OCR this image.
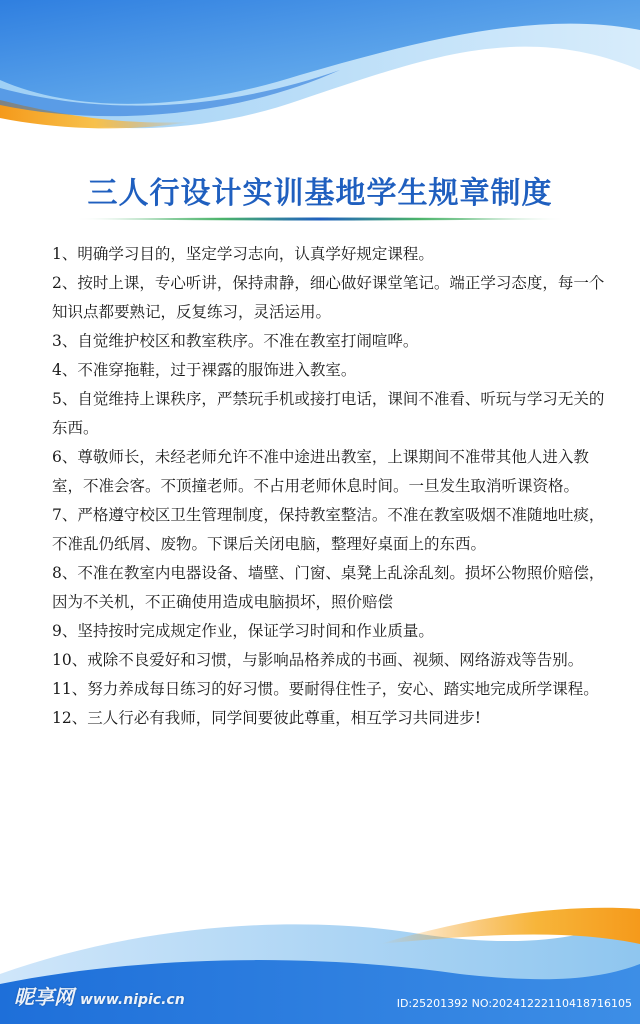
三人行设计实训基地学生规章制度
1、明确学习目的，坚定学习志向，认真学好规定课程。
2、按时上课，专心听讲，保持肃静，细心做好课堂笔记。端正学习态度，每一个知识点都要熟记，反复练习，灵活运用。
3、自觉维护校区和教室秩序。不准在教室打闹喧哗。
4、不准穿拖鞋，过于裸露的服饰进入教室。
5、自觉维持上课秩序，严禁玩手机或接打电话，课间不准看、听玩与学习无关的东西。
6、尊敬师长，未经老师允许不准中途进出教室，上课期间不准带其他人进入教室，不准会客。不顶撞老师。不占用老师休息时间。一旦发生取消听课资格。
7、严格遵守校区卫生管理制度，保持教室整洁。不准在教室吸烟不准随地吐痰，不准乱仍纸屑、废物。下课后关闭电脑，整理好桌面上的东西。
8、不准在教室内电器设备、墙壁、门窗、桌凳上乱涂乱刻。损坏公物照价赔偿，因为不关机，不正确使用造成电脑损坏，照价赔偿
9、坚持按时完成规定作业，保证学习时间和作业质量。
10、戒除不良爱好和习惯，与影响品格养成的书画、视频、网络游戏等告别。
11、努力养成每日练习的好习惯。要耐得住性子，安心、踏实地完成所学课程。
12、三人行必有我师，同学间要彼此尊重，相互学习共同进步!
昵享网 www.nipic.cn	ID:25201392 NO:20241222110418716105
